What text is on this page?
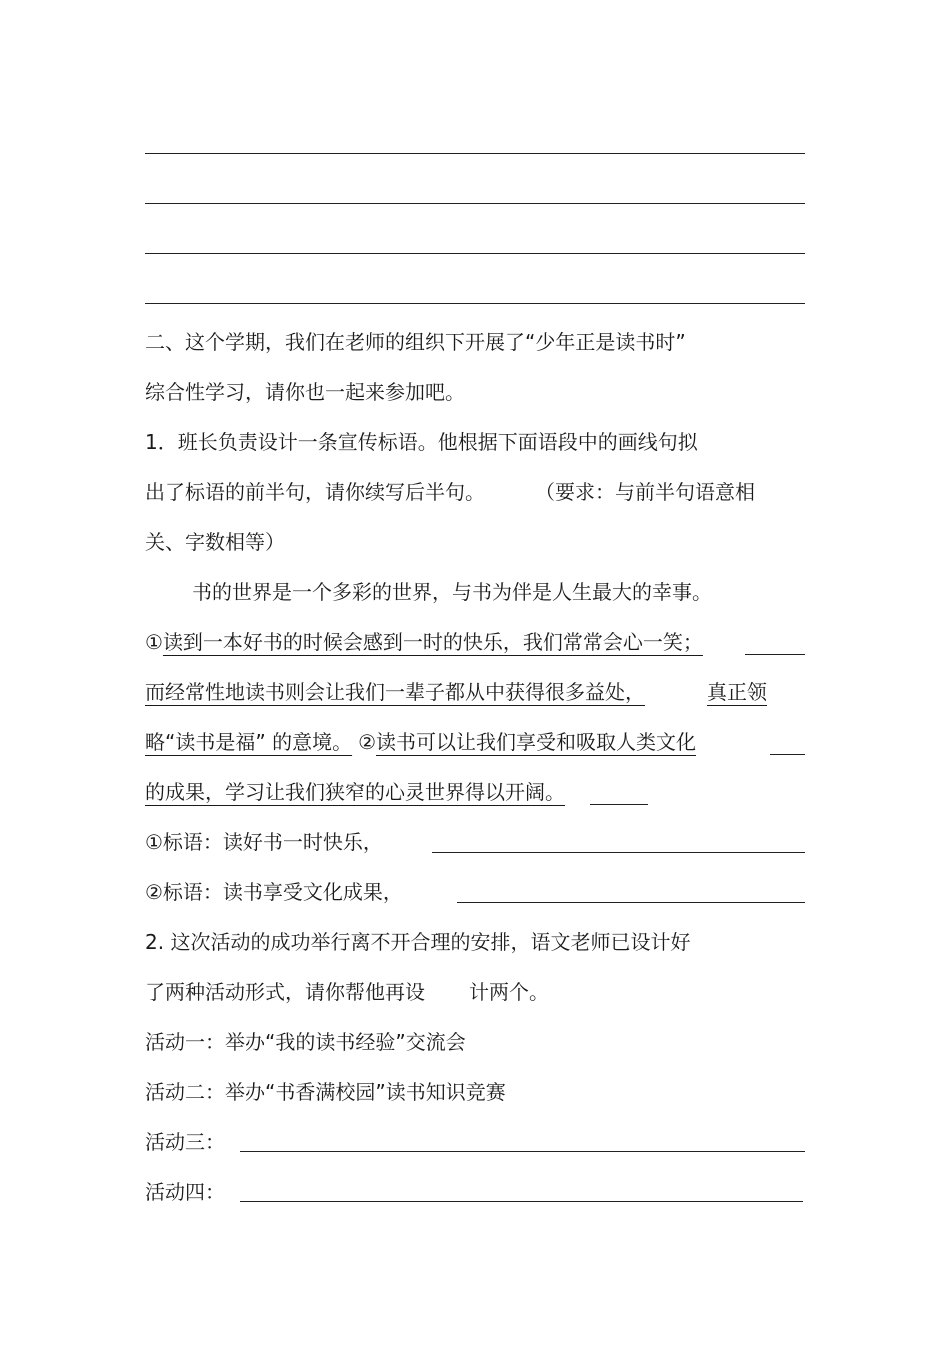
二、这个学期，我们在老师的组织下开展了“少年正是读书时”
综合性学习，请你也一起来参加吧。
1．班长负责设计一条宣传标语。他根据下面语段中的画线句拟
出了标语的前半句，请你续写后半句。	（要求：与前半句语意相
关、字数相等）
书的世界是一个多彩的世界，与书为伴是人生最大的幸事。
①读到一本好书的时候会感到一时的快乐，我们常常会心一笑；
而经常性地读书则会让我们一辈子都从中获得很多益处，	真正领
略“读书是福” 的意境。 ②读书可以让我们享受和吸取人类文化
的成果，学习让我们狭窄的心灵世界得以开阔。
①标语：读好书一时快乐，
②标语：读书享受文化成果，
2. 这次活动的成功举行离不开合理的安排，语文老师已设计好
了两种活动形式，请你帮他再设 计两个。
活动一：举办“我的读书经验”交流会
活动二：举办“书香满校园”读书知识竞赛
活动三：
活动四：
